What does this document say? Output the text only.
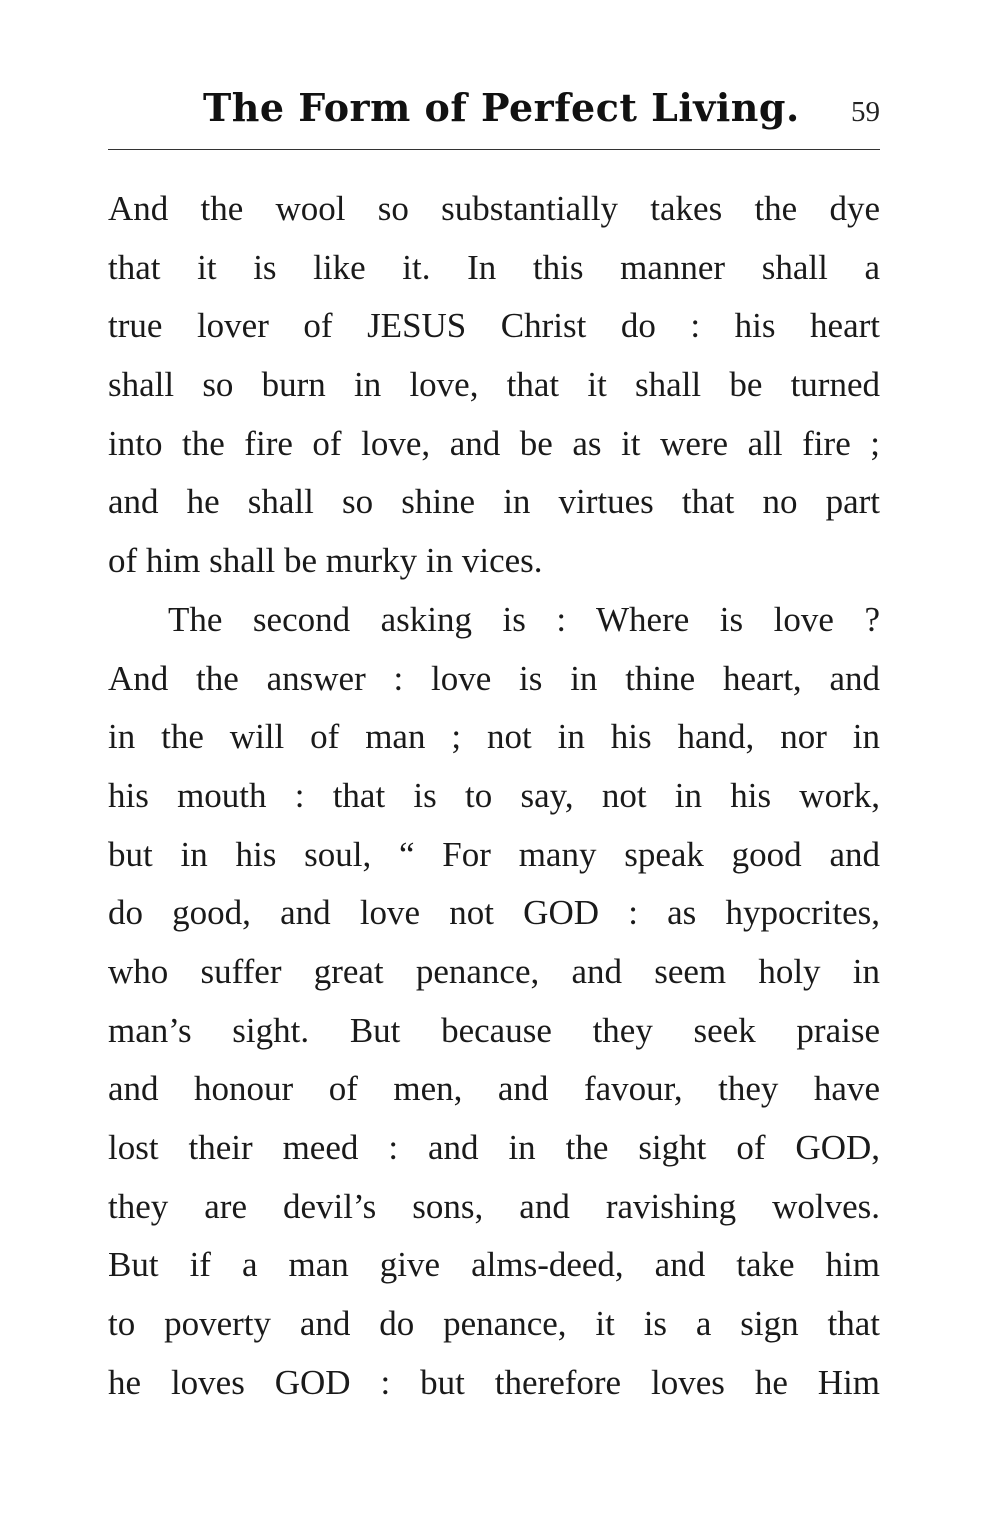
The Form of Perfect Living. 59
And the wool so substantially takes the dye
that it is like it. In this manner shall a
true lover of JESUS Christ do : his heart
shall so burn in love, that it shall be turned
into the fire of love, and be as it were all fire ;
and he shall so shine in virtues that no part
of him shall be murky in vices.
The second asking is : Where is love ?
And the answer : love is in thine heart, and
in the will of man ; not in his hand, nor in
his mouth : that is to say, not in his work,
but in his soul, “ For many speak good and
do good, and love not GOD : as hypocrites,
who suffer great penance, and seem holy in
man’s sight. But because they seek praise
and honour of men, and favour, they have
lost their meed : and in the sight of GOD,
they are devil’s sons, and ravishing wolves.
But if a man give alms-deed, and take him
to poverty and do penance, it is a sign that
he loves GOD : but therefore loves he Him
